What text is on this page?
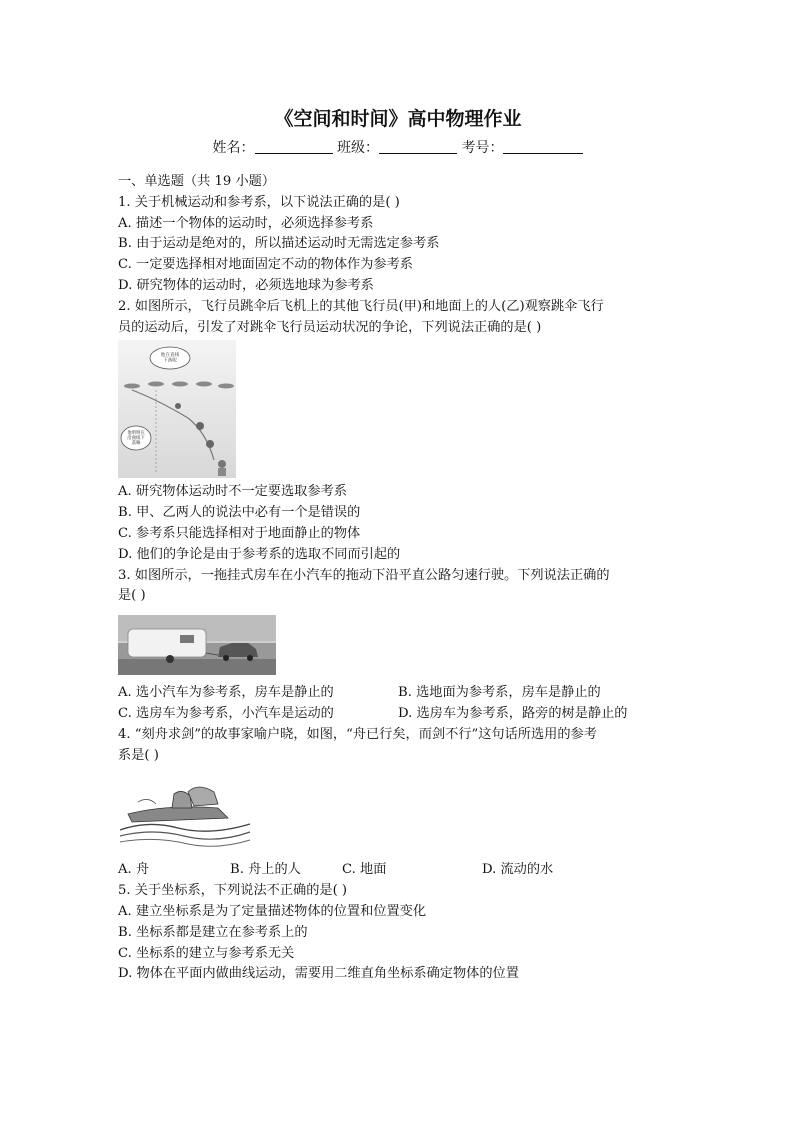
《空间和时间》高中物理作业
姓名：	班级：	考号：
一、单选题（共 19 小题）
1. 关于机械运动和参考系，以下说法正确的是( )
A. 描述一个物体的运动时，必须选择参考系
B. 由于运动是绝对的，所以描述运动时无需选定参考系
C. 一定要选择相对地面固定不动的物体作为参考系
D. 研究物体的运动时，必须选地球为参考系
2. 如图所示，飞行员跳伞后飞机上的其他飞行员(甲)和地面上的人(乙)观察跳伞飞行
员的运动后，引发了对跳伞飞行员运动状况的争论，下列说法正确的是( )
他在直线下落呢
他明明在沿曲线下落嘛
A. 研究物体运动时不一定要选取参考系
B. 甲、乙两人的说法中必有一个是错误的
C. 参考系只能选择相对于地面静止的物体
D. 他们的争论是由于参考系的选取不同而引起的
3. 如图所示，一拖挂式房车在小汽车的拖动下沿平直公路匀速行驶。下列说法正确的
是( )
A. 选小汽车为参考系，房车是静止的	B. 选地面为参考系，房车是静止的
C. 选房车为参考系，小汽车是运动的	D. 选房车为参考系，路旁的树是静止的
4. “刻舟求剑”的故事家喻户晓，如图，“舟已行矣，而剑不行”这句话所选用的参考
系是( )
A. 舟	B. 舟上的人	C. 地面	D. 流动的水
5. 关于坐标系，下列说法不正确的是( )
A. 建立坐标系是为了定量描述物体的位置和位置变化
B. 坐标系都是建立在参考系上的
C. 坐标系的建立与参考系无关
D. 物体在平面内做曲线运动，需要用二维直角坐标系确定物体的位置
